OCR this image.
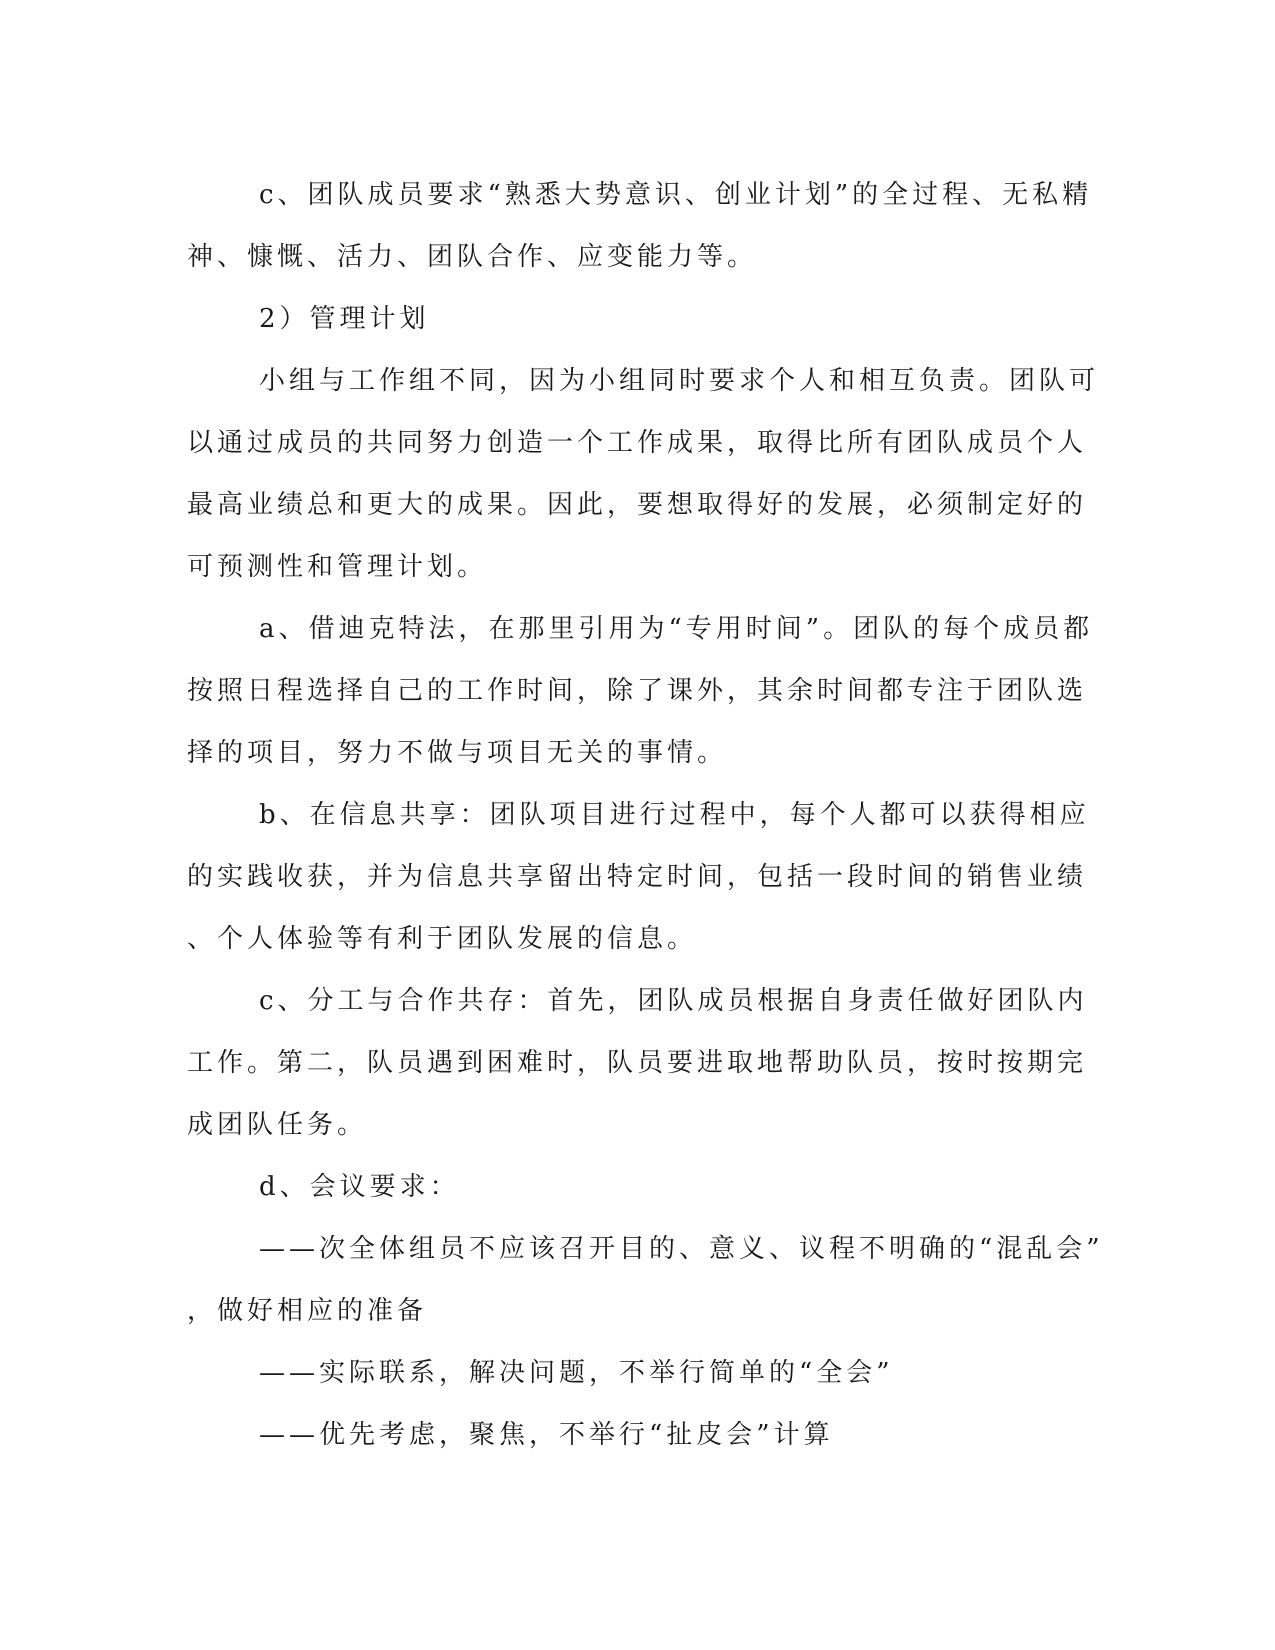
c、团队成员要求“熟悉大势意识、创业计划”的全过程、无私精
神、慷慨、活力、团队合作、应变能力等。

2）管理计划

小组与工作组不同，因为小组同时要求个人和相互负责。团队可
以通过成员的共同努力创造一个工作成果，取得比所有团队成员个人
最高业绩总和更大的成果。因此，要想取得好的发展，必须制定好的
可预测性和管理计划。

a、借迪克特法，在那里引用为“专用时间”。团队的每个成员都
按照日程选择自己的工作时间，除了课外，其余时间都专注于团队选
择的项目，努力不做与项目无关的事情。

b、在信息共享：团队项目进行过程中，每个人都可以获得相应
的实践收获，并为信息共享留出特定时间，包括一段时间的销售业绩
、个人体验等有利于团队发展的信息。

c、分工与合作共存：首先，团队成员根据自身责任做好团队内
工作。第二，队员遇到困难时，队员要进取地帮助队员，按时按期完
成团队任务。

d、会议要求：

——次全体组员不应该召开目的、意义、议程不明确的“混乱会”
，做好相应的准备

——实际联系，解决问题，不举行简单的“全会”

——优先考虑，聚焦，不举行“扯皮会”计算
